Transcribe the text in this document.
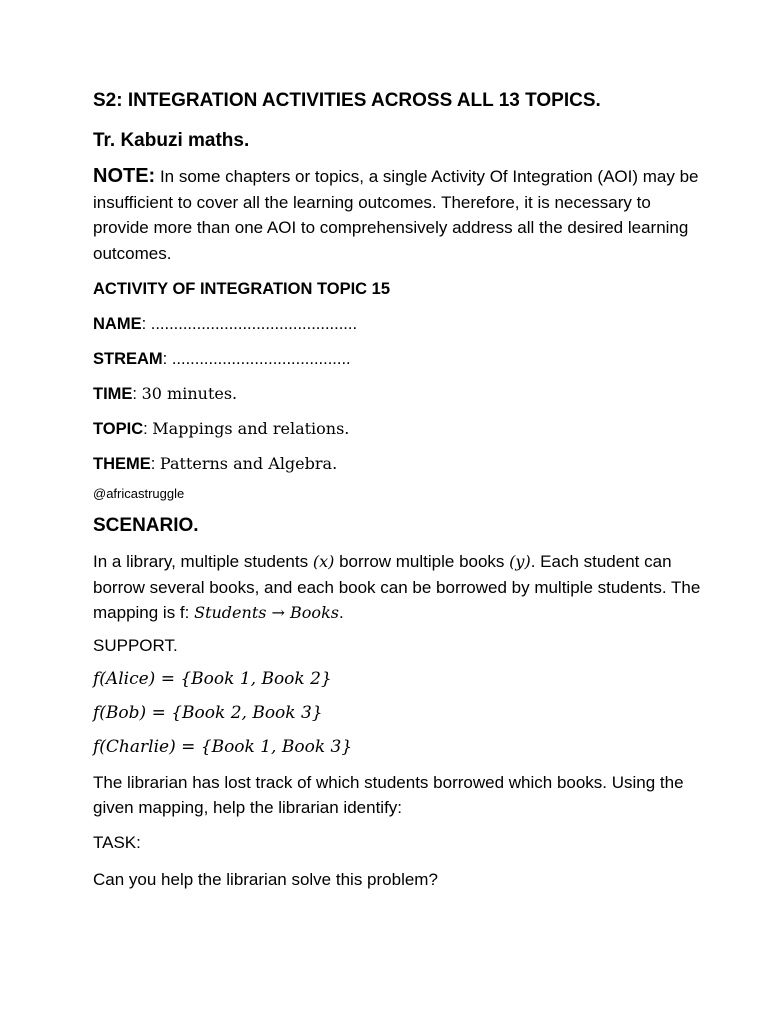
S2: INTEGRATION ACTIVITIES ACROSS ALL 13 TOPICS.
Tr. Kabuzi maths.
NOTE: In some chapters or topics, a single Activity Of Integration (AOI) may be insufficient to cover all the learning outcomes. Therefore, it is necessary to provide more than one AOI to comprehensively address all the desired learning outcomes.
ACTIVITY OF INTEGRATION TOPIC 15
NAME: .............................................
STREAM: .......................................
TIME: 30 minutes.
TOPIC: Mappings and relations.
THEME: Patterns and Algebra.
@africastruggle
SCENARIO.
In a library, multiple students (x) borrow multiple books (y). Each student can borrow several books, and each book can be borrowed by multiple students. The mapping is f: Students → Books.
SUPPORT.
f(Alice) = {Book 1, Book 2}
f(Bob) = {Book 2, Book 3}
f(Charlie) = {Book 1, Book 3}
The librarian has lost track of which students borrowed which books. Using the given mapping, help the librarian identify:
TASK:
Can you help the librarian solve this problem?
